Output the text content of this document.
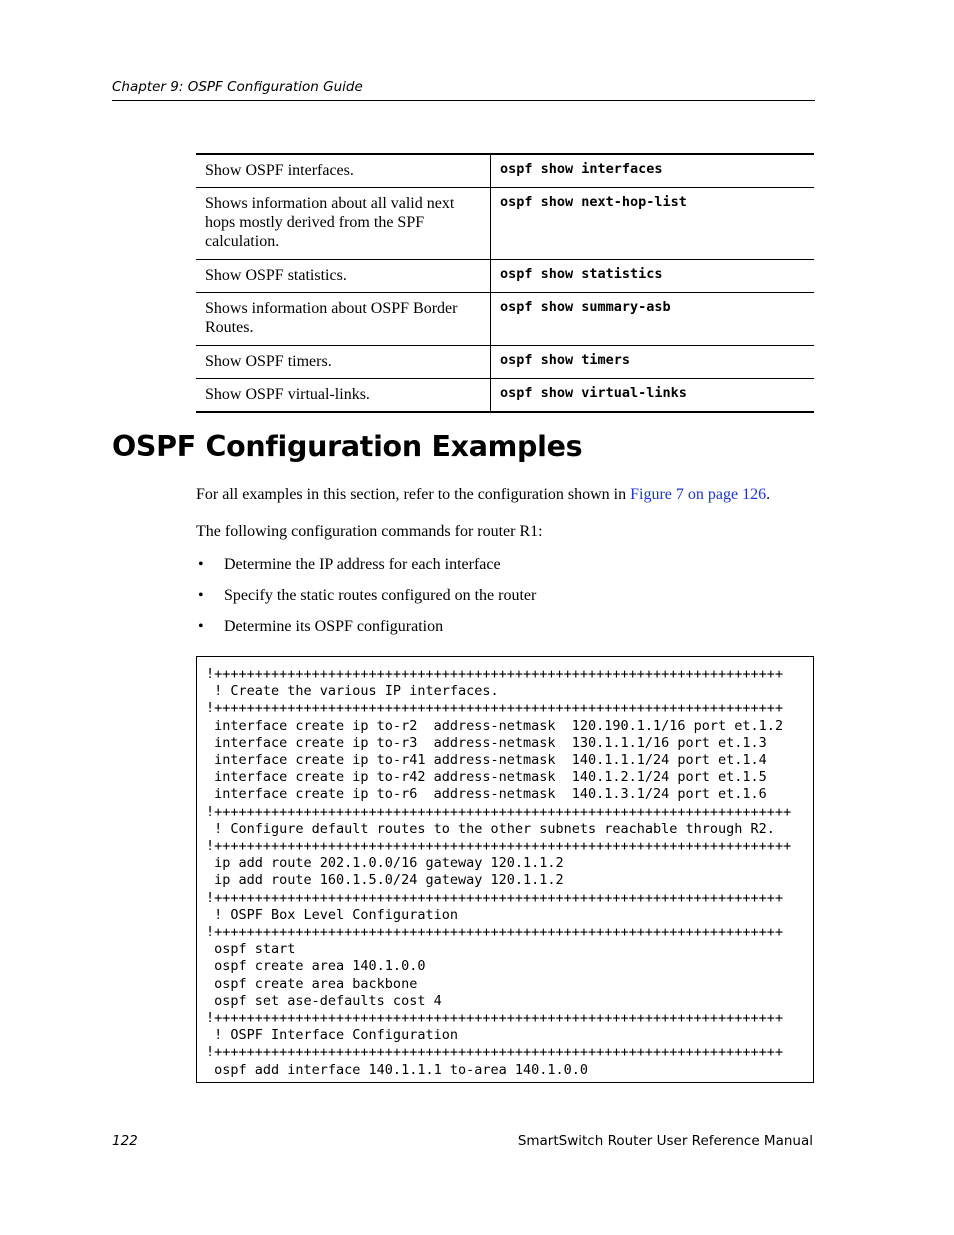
Chapter 9: OSPF Configuration Guide
Show OSPF interfaces.	ospf show interfaces
Shows information about all valid next hops mostly derived from the SPF calculation.	ospf show next-hop-list
Show OSPF statistics.	ospf show statistics
Shows information about OSPF Border Routes.	ospf show summary-asb
Show OSPF timers.	ospf show timers
Show OSPF virtual-links.	ospf show virtual-links
OSPF Configuration Examples

For all examples in this section, refer to the configuration shown in Figure 7 on page 126.

The following configuration commands for router R1:

• Determine the IP address for each interface
• Specify the static routes configured on the router
• Determine its OSPF configuration
!++++++++++++++++++++++++++++++++++++++++++++++++++++++++++++++++++++++
! Create the various IP interfaces.
!++++++++++++++++++++++++++++++++++++++++++++++++++++++++++++++++++++++
interface create ip to-r2  address-netmask  120.190.1.1/16 port et.1.2
interface create ip to-r3  address-netmask  130.1.1.1/16 port et.1.3
interface create ip to-r41 address-netmask  140.1.1.1/24 port et.1.4
interface create ip to-r42 address-netmask  140.1.2.1/24 port et.1.5
interface create ip to-r6  address-netmask  140.1.3.1/24 port et.1.6
!+++++++++++++++++++++++++++++++++++++++++++++++++++++++++++++++++++++++
! Configure default routes to the other subnets reachable through R2.
!+++++++++++++++++++++++++++++++++++++++++++++++++++++++++++++++++++++++
ip add route 202.1.0.0/16 gateway 120.1.1.2
ip add route 160.1.5.0/24 gateway 120.1.1.2
!++++++++++++++++++++++++++++++++++++++++++++++++++++++++++++++++++++++
! OSPF Box Level Configuration
!++++++++++++++++++++++++++++++++++++++++++++++++++++++++++++++++++++++
ospf start
ospf create area 140.1.0.0
ospf create area backbone
ospf set ase-defaults cost 4
!++++++++++++++++++++++++++++++++++++++++++++++++++++++++++++++++++++++
! OSPF Interface Configuration
!++++++++++++++++++++++++++++++++++++++++++++++++++++++++++++++++++++++
ospf add interface 140.1.1.1 to-area 140.1.0.0
122	SmartSwitch Router User Reference Manual
